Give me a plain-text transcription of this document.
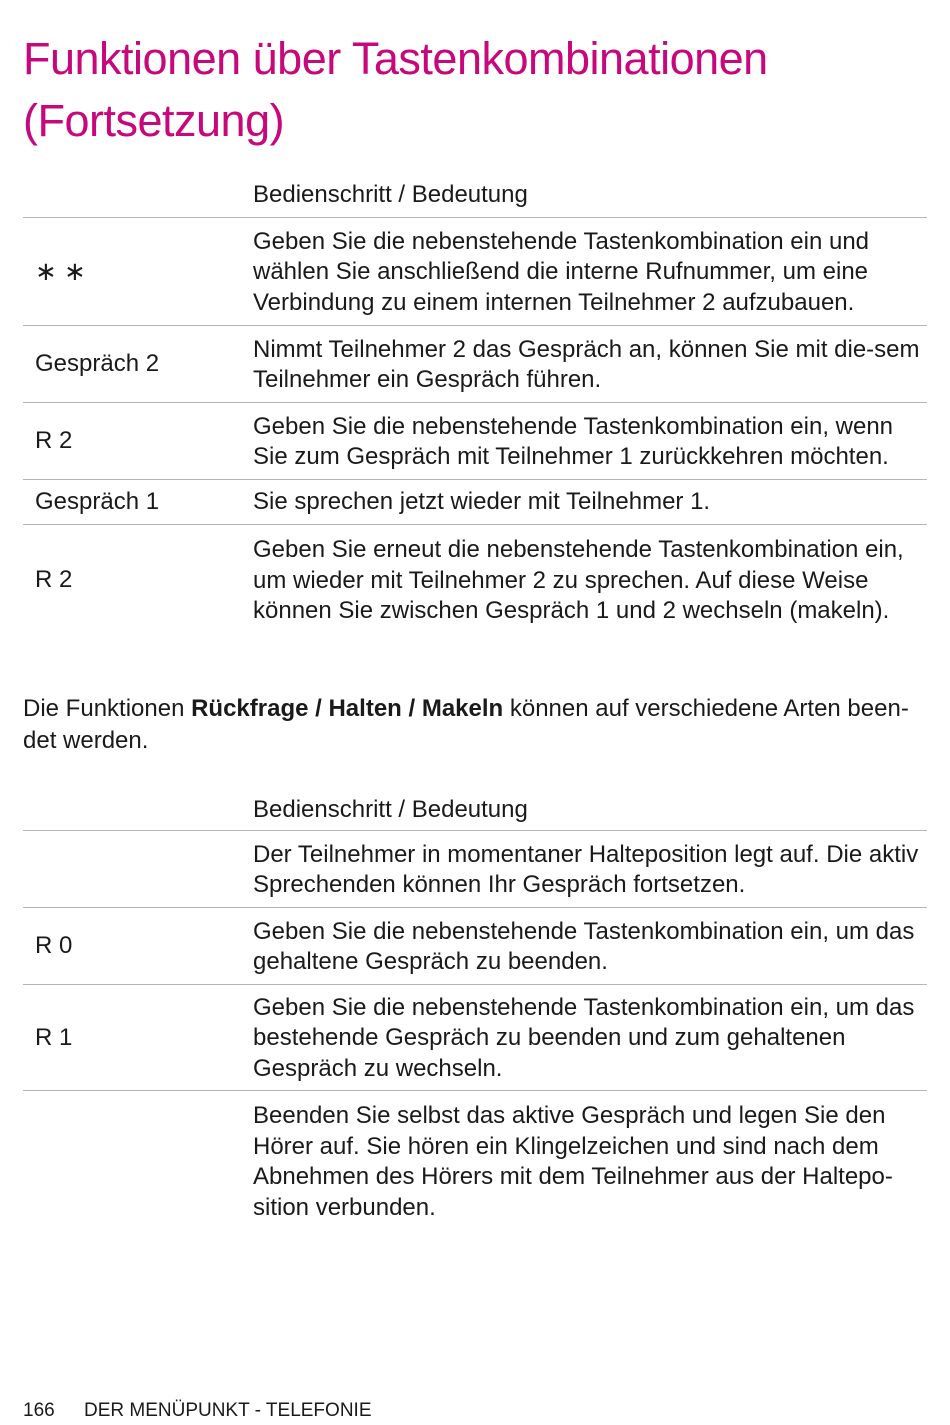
Funktionen über Tastenkombinationen
(Fortsetzung)
Bedienschritt / Bedeutung
∗ ∗
Geben Sie die nebenstehende Tastenkombination ein und wählen Sie anschließend die interne Rufnummer, um eine Verbindung zu einem internen Teilnehmer 2 aufzubauen.
Gespräch 2
Nimmt Teilnehmer 2 das Gespräch an, können Sie mit die-sem Teilnehmer ein Gespräch führen.
R 2
Geben Sie die nebenstehende Tastenkombination ein, wenn Sie zum Gespräch mit Teilnehmer 1 zurückkehren möchten.
Gespräch 1	Sie sprechen jetzt wieder mit Teilnehmer 1.
R 2
Geben Sie erneut die nebenstehende Tastenkombination ein, um wieder mit Teilnehmer 2 zu sprechen. Auf diese Weise können Sie zwischen Gespräch 1 und 2 wechseln (makeln).

Die Funktionen Rückfrage / Halten / Makeln können auf verschiedene Arten been-det werden.

Bedienschritt / Bedeutung
Der Teilnehmer in momentaner Halteposition legt auf. Die aktiv Sprechenden können Ihr Gespräch fortsetzen.
R 0
Geben Sie die nebenstehende Tastenkombination ein, um das gehaltene Gespräch zu beenden.
R 1
Geben Sie die nebenstehende Tastenkombination ein, um das bestehende Gespräch zu beenden und zum gehaltenen Gespräch zu wechseln.
Beenden Sie selbst das aktive Gespräch und legen Sie den Hörer auf. Sie hören ein Klingelzeichen und sind nach dem Abnehmen des Hörers mit dem Teilnehmer aus der Haltepo-sition verbunden.
166 DER MENÜPUNKT - TELEFONIE
